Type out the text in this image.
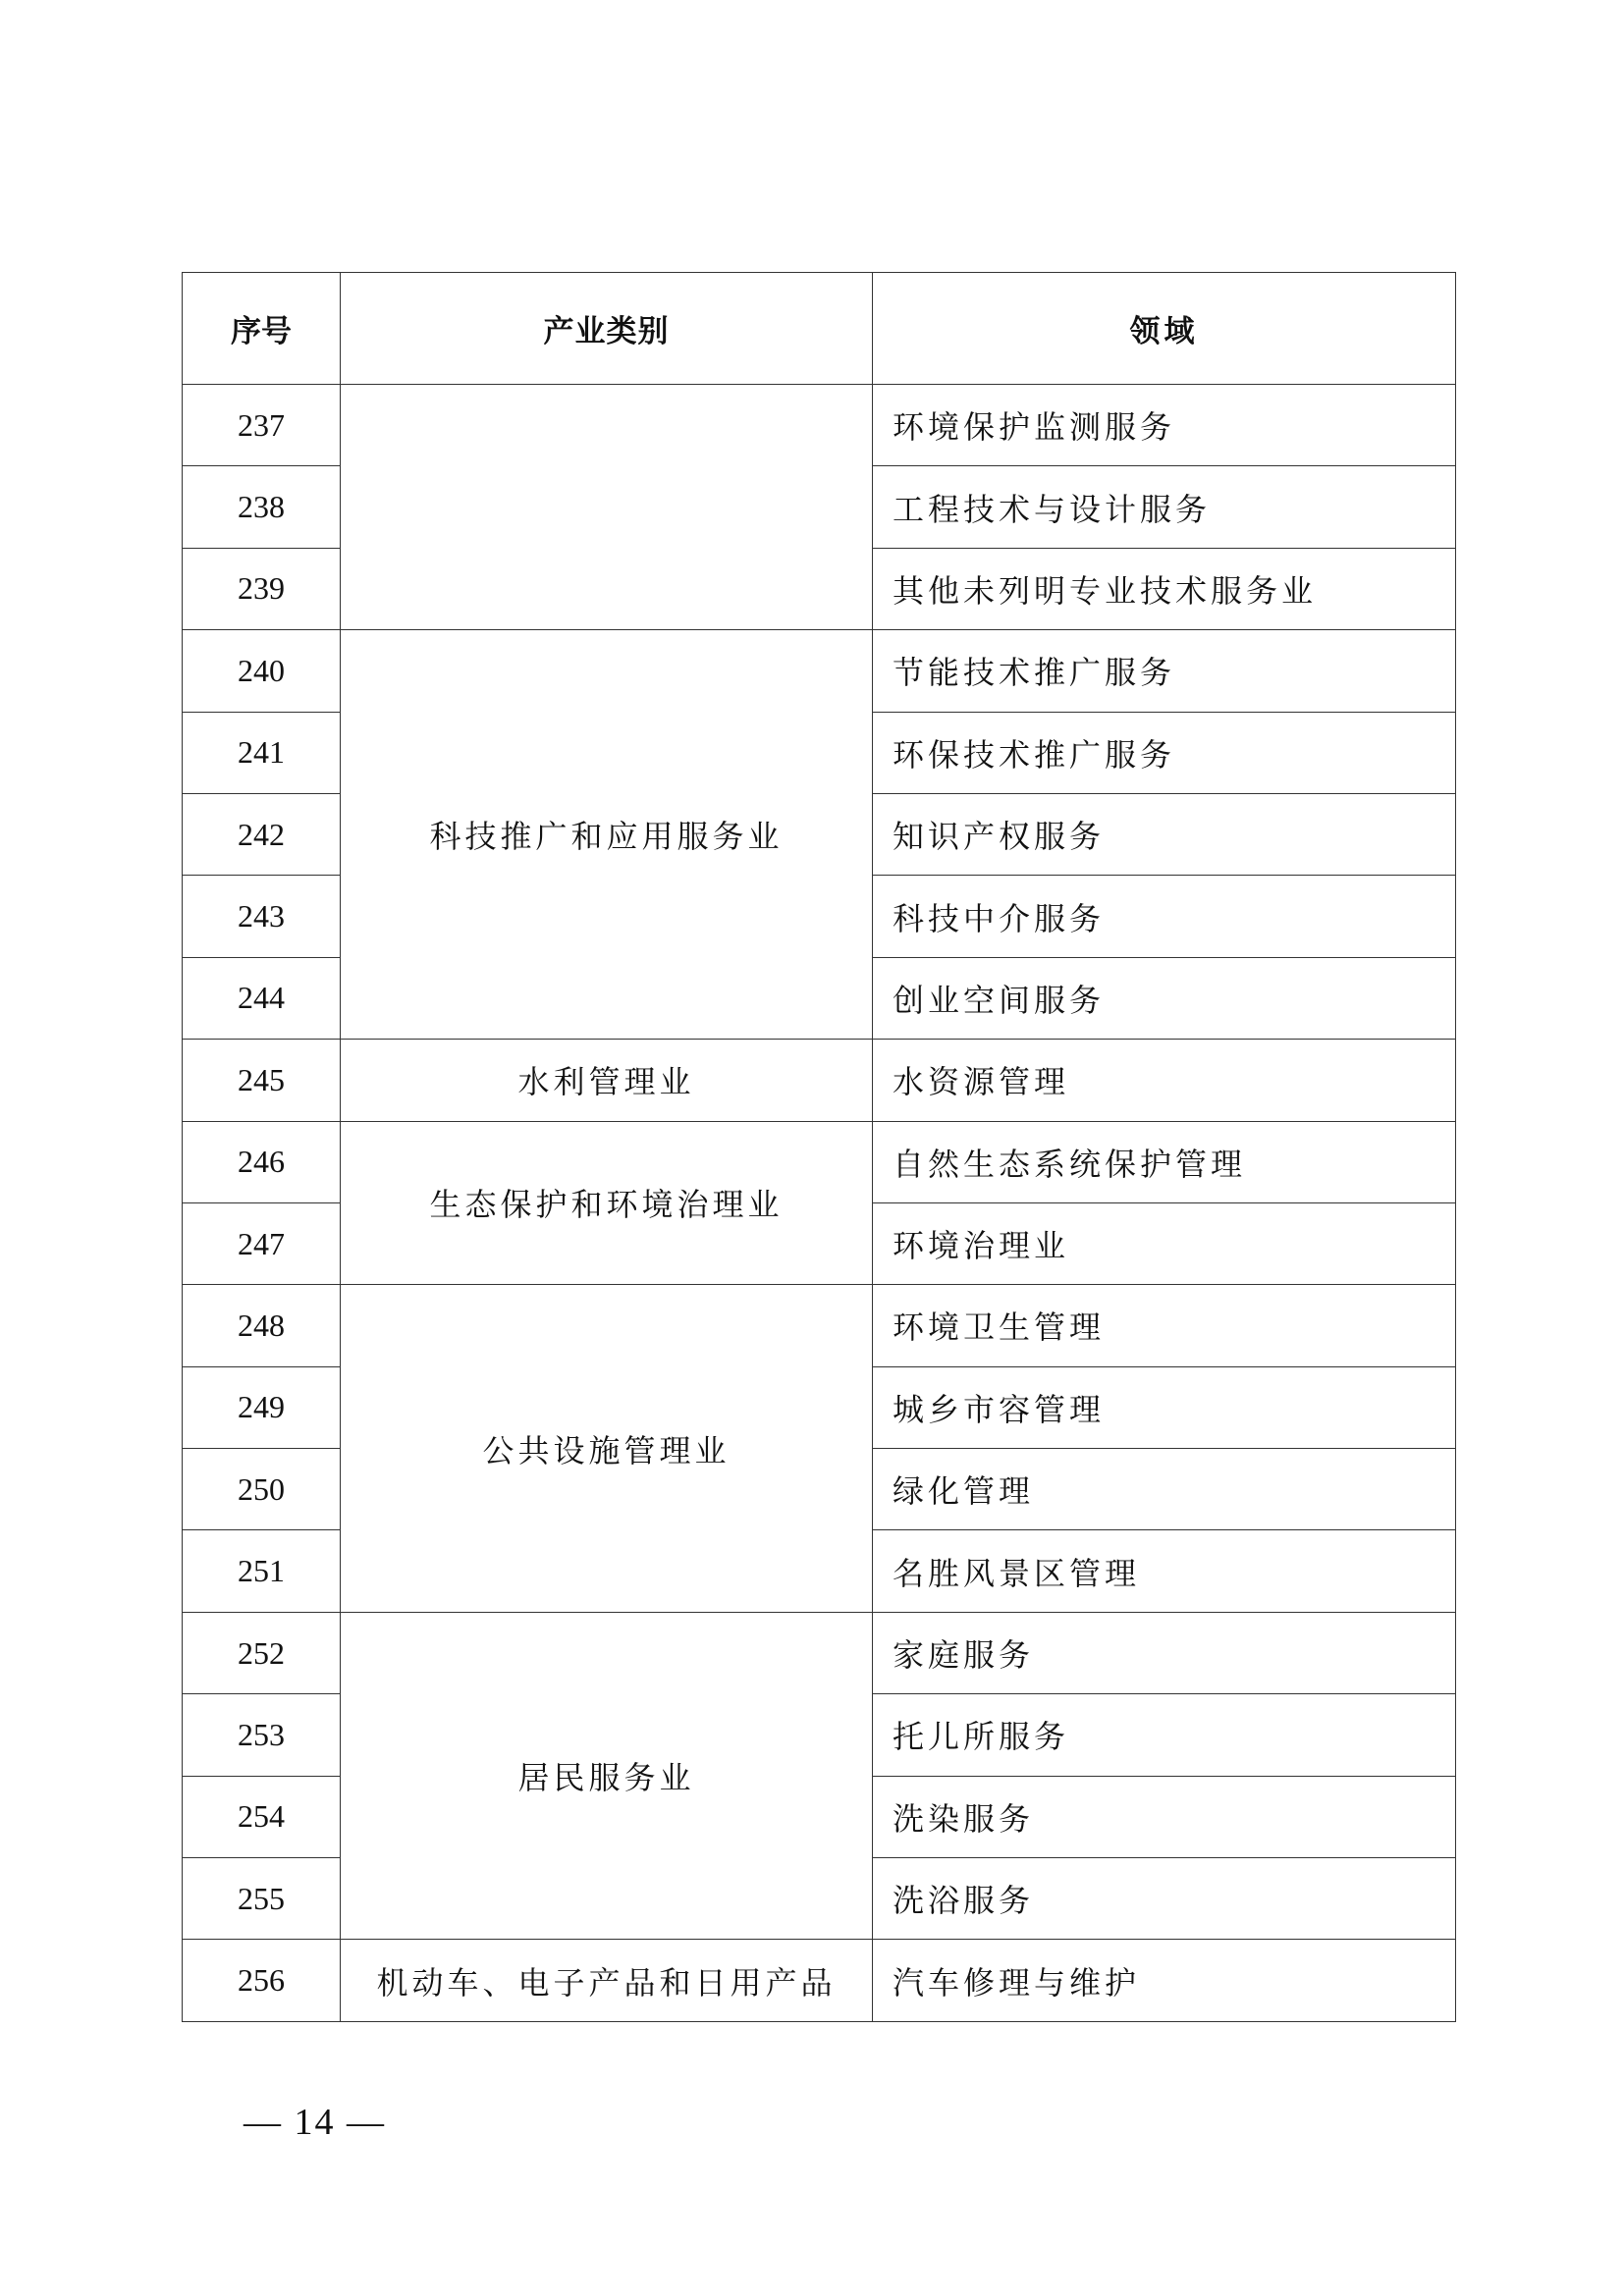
序号	产业类别	领域
237		环境保护监测服务
238		工程技术与设计服务
239		其他未列明专业技术服务业
240	科技推广和应用服务业	节能技术推广服务
241		环保技术推广服务
242		知识产权服务
243		科技中介服务
244		创业空间服务
245	水利管理业	水资源管理
246	生态保护和环境治理业	自然生态系统保护管理
247		环境治理业
248	公共设施管理业	环境卫生管理
249		城乡市容管理
250		绿化管理
251		名胜风景区管理
252	居民服务业	家庭服务
253		托儿所服务
254		洗染服务
255		洗浴服务
256	机动车、电子产品和日用产品	汽车修理与维护
— 14 —
